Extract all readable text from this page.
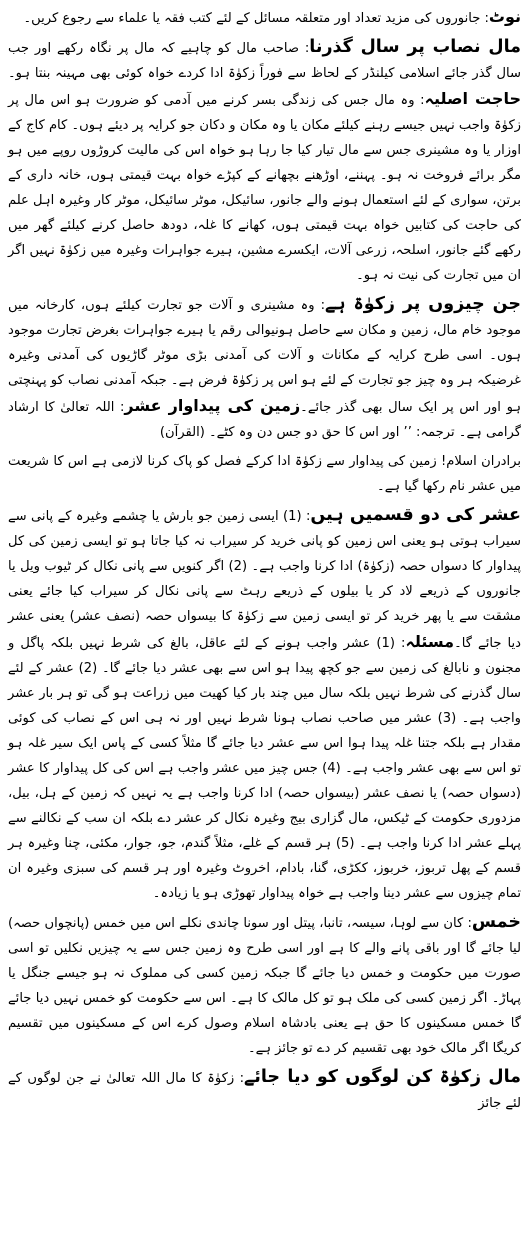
نوٹ: جانوروں کی مزید تعداد اور متعلقہ مسائل کے لئے کتب فقہ یا علماء سے رجوع کریں۔

مال نصاب پر سال گذرنا: صاحب مال کو چاہیے کہ مال پر نگاہ رکھے اور جب سال گذر جائے اسلامی کیلنڈر کے لحاظ سے فوراً زکوٰۃ ادا کردے خواہ کوئی بھی مہینہ بنتا ہو۔حاجت اصلیہ: وہ مال جس کی زندگی بسر کرنے میں آدمی کو ضرورت ہو اس مال پر زکوٰۃ واجب نہیں جیسے رہنے کیلئے مکان یا وہ مکان و دکان جو کرایہ پر دیئے ہوں۔ کام کاج کے اوزار یا وہ مشینری جس سے مال تیار کیا جا رہا ہو خواہ اس کی مالیت کروڑوں روپے میں ہو مگر برائے فروخت نہ ہو۔ پہننے، اوڑھنے بچھانے کے کپڑے خواہ بہت قیمتی ہوں، خانہ داری کے برتن، سواری کے لئے استعمال ہونے والے جانور، سائیکل، موٹر سائیکل، موٹر کار وغیرہ اہل علم کی حاجت کی کتابیں خواہ بہت قیمتی ہوں، کھانے کا غلہ، دودھ حاصل کرنے کیلئے گھر میں رکھے گئے جانور، اسلحہ، زرعی آلات، ایکسرے مشین، ہیرے جواہرات وغیرہ میں زکوٰۃ نہیں اگر ان میں تجارت کی نیت نہ ہو۔

جن چیزوں پر زکوٰۃ ہے: وہ مشینری و آلات جو تجارت کیلئے ہوں، کارخانہ میں موجود خام مال، زمین و مکان سے حاصل ہونیوالی رقم یا ہیرے جواہرات بغرض تجارت موجود ہوں۔ اسی طرح کرایہ کے مکانات و آلات کی آمدنی بڑی موٹر گاڑیوں کی آمدنی وغیرہ غرضیکہ ہر وہ چیز جو تجارت کے لئے ہو اس پر زکوٰۃ فرض ہے۔ جبکہ آمدنی نصاب کو پہنچتی ہو اور اس پر ایک سال بھی گذر جائے۔زمین کی پیداوار عشر: اللہ تعالیٰ کا ارشاد گرامی ہے۔ ترجمہ: ’’ اور اس کا حق دو جس دن وہ کٹے۔ (القرآن)

برادران اسلام! زمین کی پیداوار سے زکوٰۃ ادا کرکے فصل کو پاک کرنا لازمی ہے اس کا شریعت میں عشر نام رکھا گیا ہے۔

عشر کی دو قسمیں ہیں: (1) ایسی زمین جو بارش یا چشمے وغیرہ کے پانی سے سیراب ہوتی ہو یعنی اس زمین کو پانی خرید کر سیراب نہ کیا جاتا ہو تو ایسی زمین کی کل پیداوار کا دسواں حصہ (زکوٰۃ) ادا کرنا واجب ہے۔ (2) اگر کنویں سے پانی نکال کر ٹیوب ویل یا جانوروں کے ذریعے لاد کر یا بیلوں کے ذریعے رہٹ سے پانی نکال کر سیراب کیا جائے یعنی مشقت سے یا پھر خرید کر تو ایسی زمین سے زکوٰۃ کا بیسواں حصہ (نصف عشر) یعنی عشر دیا جائے گا۔مسئلہ: (1) عشر واجب ہونے کے لئے عاقل، بالغ کی شرط نہیں بلکہ پاگل و مجنون و نابالغ کی زمین سے جو کچھ پیدا ہو اس سے بھی عشر دیا جائے گا۔ (2) عشر کے لئے سال گذرنے کی شرط نہیں بلکہ سال میں چند بار کیا کھیت میں زراعت ہو گی تو ہر بار عشر واجب ہے۔ (3) عشر میں صاحب نصاب ہونا شرط نہیں اور نہ ہی اس کے نصاب کی کوئی مقدار ہے بلکہ جتنا غلہ پیدا ہوا اس سے عشر دیا جائے گا مثلاً کسی کے پاس ایک سیر غلہ ہو تو اس سے بھی عشر واجب ہے۔ (4) جس چیز میں عشر واجب ہے اس کی کل پیداوار کا عشر (دسواں حصہ) یا نصف عشر (بیسواں حصہ) ادا کرنا واجب ہے یہ نہیں کہ زمین کے ہل، بیل، مزدوری حکومت کے ٹیکس، مال گزاری بیج وغیرہ نکال کر عشر دے بلکہ ان سب کے نکالنے سے پہلے عشر ادا کرنا واجب ہے۔ (5) ہر قسم کے غلے، مثلاً گندم، جو، جوار، مکئی، چنا وغیرہ ہر قسم کے پھل تربوز، خربوز، ککڑی، گنا، بادام، اخروٹ وغیرہ اور ہر قسم کی سبزی وغیرہ ان تمام چیزوں سے عشر دینا واجب ہے خواہ پیداوار تھوڑی ہو یا زیادہ۔

خمس: کان سے لوہا، سیسہ، تانبا، پیتل اور سونا چاندی نکلے اس میں خمس (پانچواں حصہ) لیا جائے گا اور باقی پانے والے کا ہے اور اسی طرح وہ زمین جس سے یہ چیزیں نکلیں تو اسی صورت میں حکومت و خمس دیا جائے گا جبکہ زمین کسی کی مملوک نہ ہو جیسے جنگل یا پہاڑ۔ اگر زمین کسی کی ملک ہو تو کل مالک کا ہے۔ اس سے حکومت کو خمس نہیں دیا جائے گا خمس مسکینوں کا حق ہے یعنی بادشاہ اسلام وصول کرے اس کے مسکینوں میں تقسیم کریگا اگر مالک خود بھی تقسیم کر دے تو جائز ہے۔

مال زکوٰۃ کن لوگوں کو دیا جائے: زکوٰۃ کا مال اللہ تعالیٰ نے جن لوگوں کے لئے جائز
